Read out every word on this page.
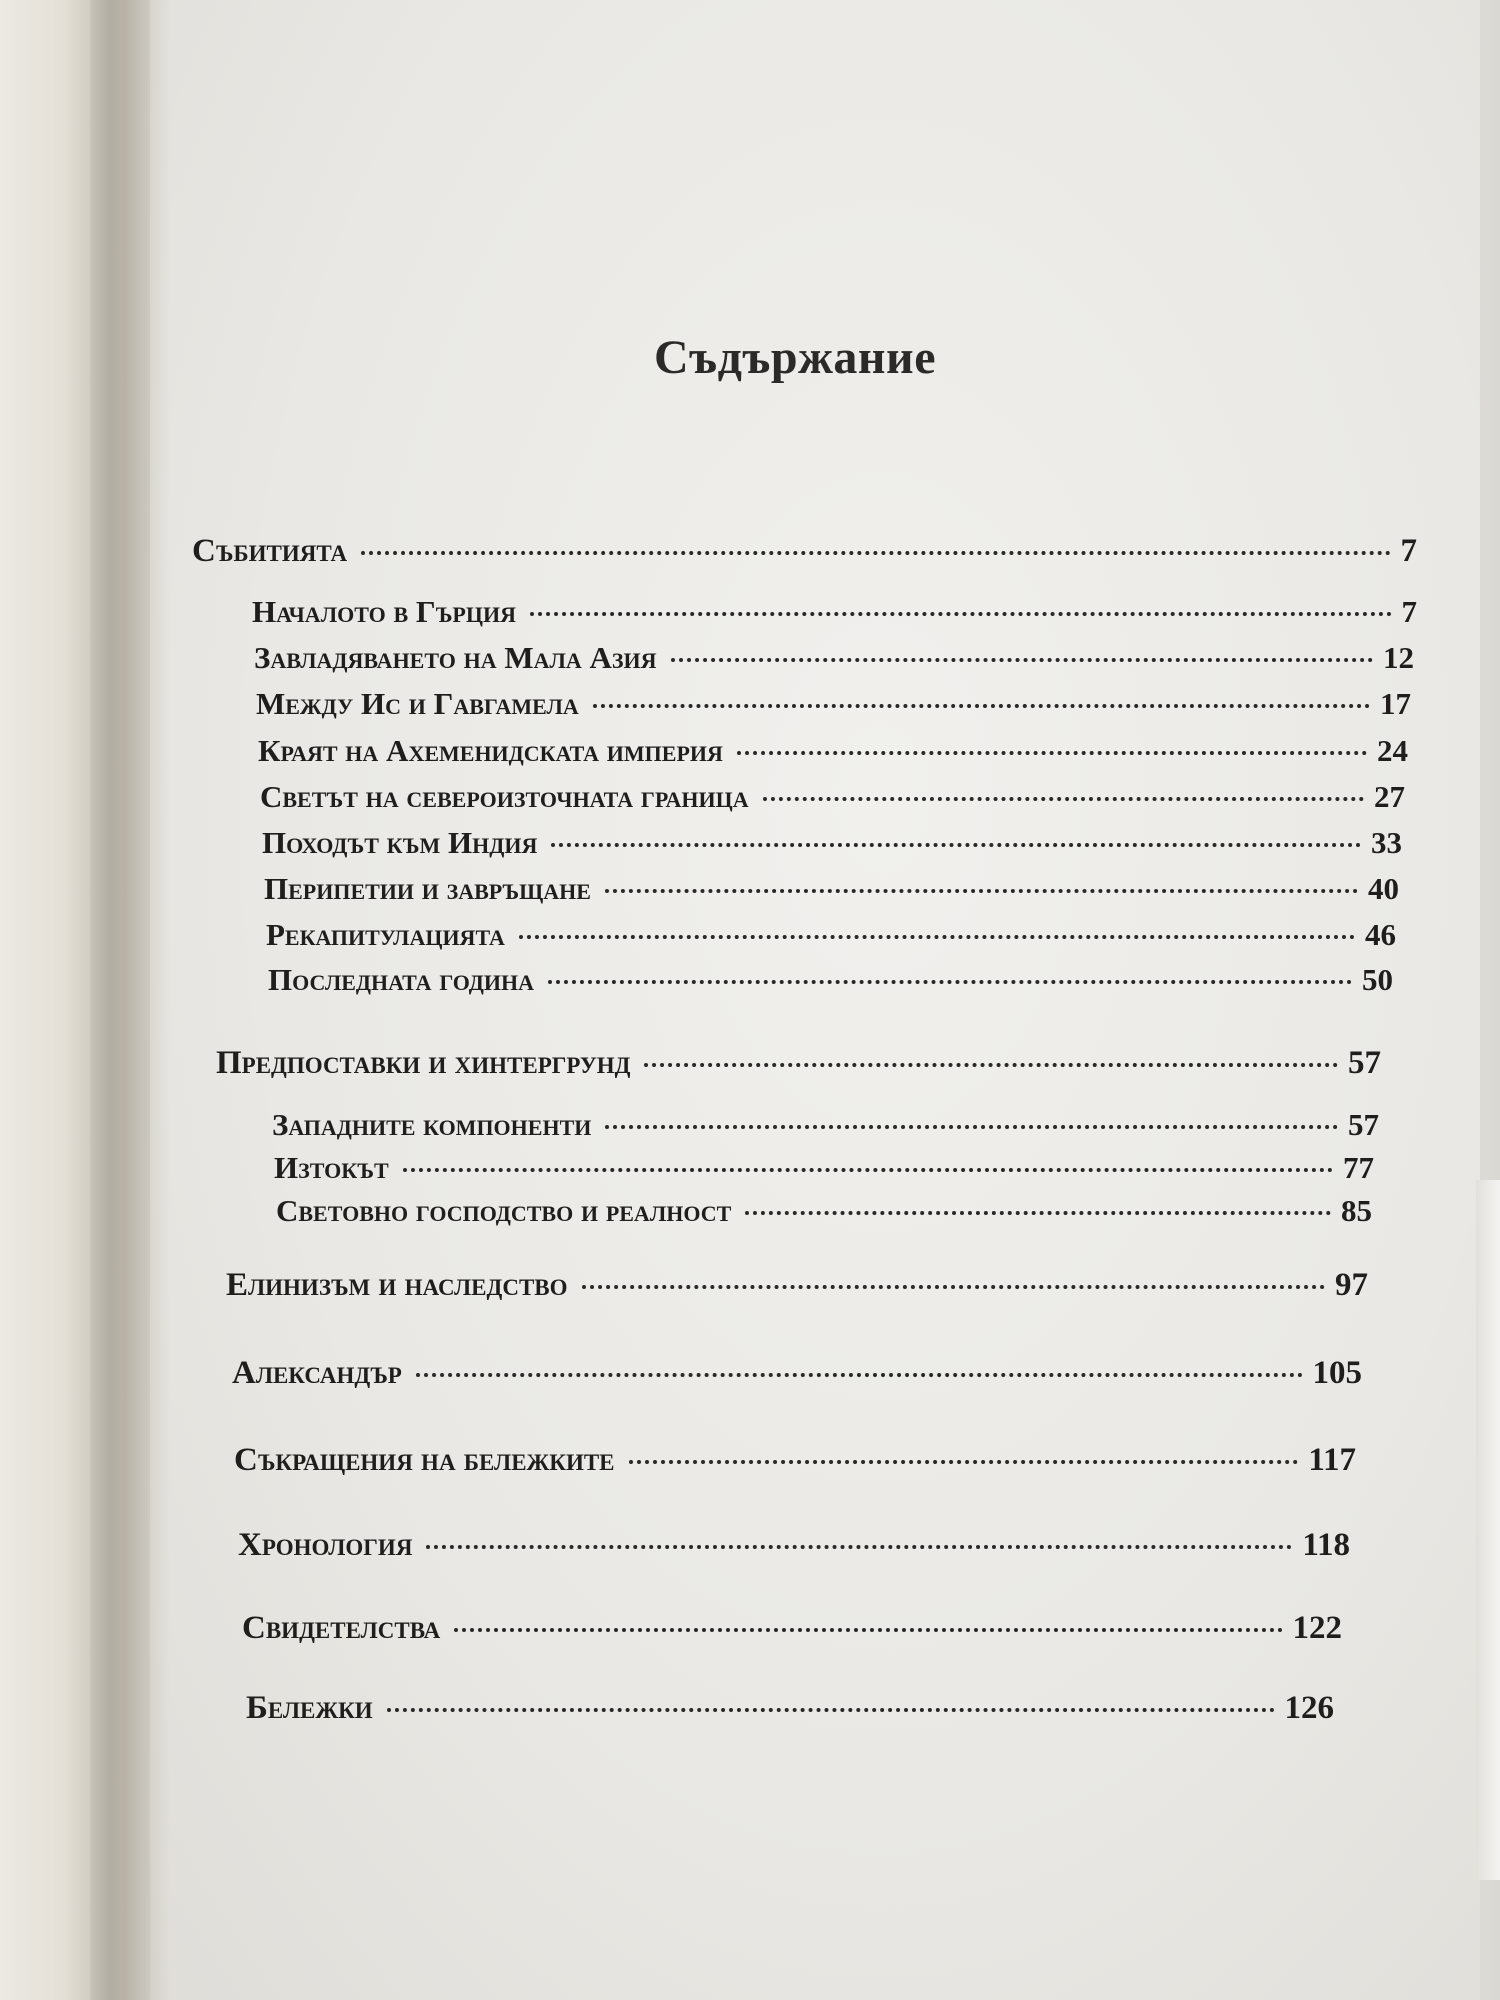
Съдържание
Събитията	7
Началото в Гърция	7
Завладяването на Мала Азия	12
Между Ис и Гавгамела	17
Краят на Ахеменидската империя	24
Светът на североизточната граница	27
Походът към Индия	33
Перипетии и завръщане	40
Рекапитулацията	46
Последната година	50
Предпоставки и хинтергрунд	57
Западните компоненти	57
Изтокът	77
Световно господство и реалност	85
Елинизъм и наследство	97
Александър	105
Съкращения на бележките	117
Хронология	118
Свидетелства	122
Бележки	126
